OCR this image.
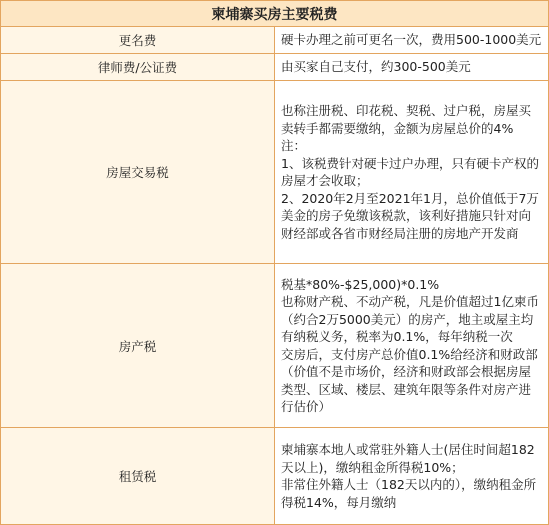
柬埔寨买房主要税费	
更名费	硬卡办理之前可更名一次，费用500-1000美元

律师费/公证费	由买家自己支付，约300-500美元

房屋交易税	也称注册税、印花税、契税、过户税，房屋买卖转手都需要缴纳，金额为房屋总价的4%

注：

1、该税费针对硬卡过户办理，只有硬卡产权的房屋才会收取；

2、2020年2月至2021年1月，总价值低于7万美金的房子免缴该税款，该利好措施只针对向财经部或各省市财经局注册的房地产开发商

房产税	税基*80%-$25,000)*0.1%

也称财产税、不动产税，凡是价值超过1亿柬币（约合2万5000美元）的房产，地主或屋主均有纳税义务，税率为0.1%，每年纳税一次

交房后，支付房产总价值0.1%给经济和财政部（价值不是市场价，经济和财政部会根据房屋类型、区域、楼层、建筑年限等条件对房产进行估价）

租赁税	柬埔寨本地人或常驻外籍人士(居住时间超182天以上)，缴纳租金所得税10%；

非常住外籍人士（182天以内的），缴纳租金所得税14%，每月缴纳
